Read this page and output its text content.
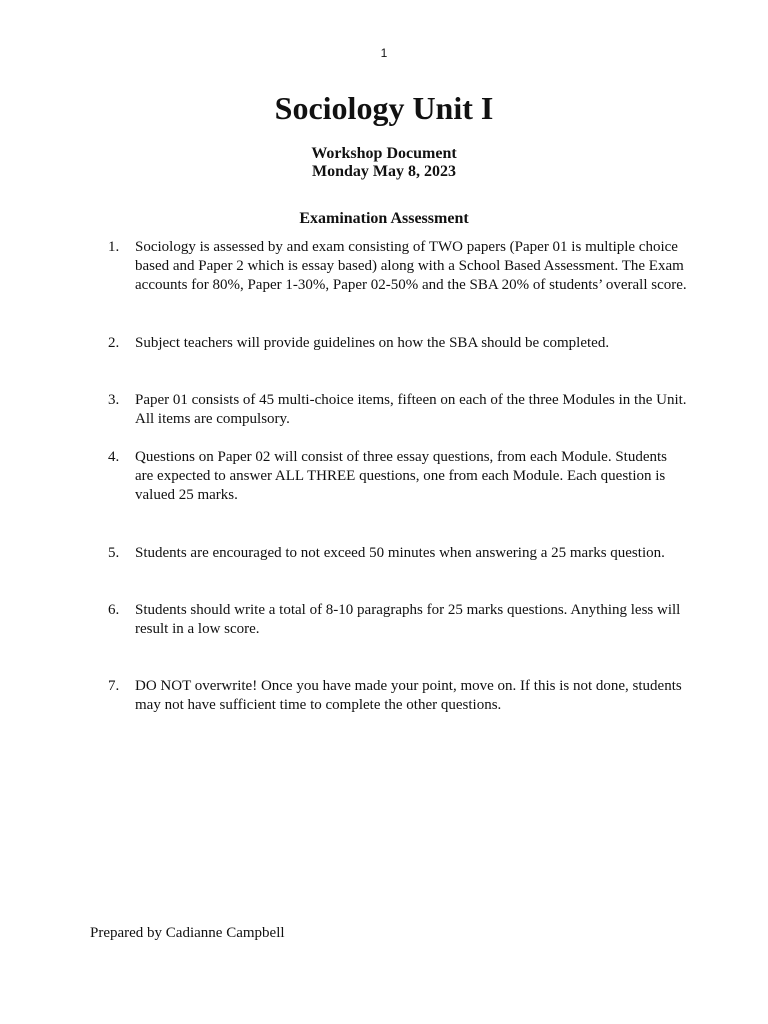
1
Sociology Unit I
Workshop Document
Monday May 8, 2023
Examination Assessment
1.	Sociology is assessed by and exam consisting of TWO papers (Paper 01 is multiple choice based and Paper 2 which is essay based) along with a School Based Assessment. The Exam accounts for 80%, Paper 1-30%, Paper 02-50% and the SBA 20% of students’ overall score.
2.	Subject teachers will provide guidelines on how the SBA should be completed.
3.	Paper 01 consists of 45 multi-choice items, fifteen on each of the three Modules in the Unit. All items are compulsory.
4.	Questions on Paper 02 will consist of three essay questions, from each Module. Students are expected to answer ALL THREE questions, one from each Module. Each question is valued 25 marks.
5.	Students are encouraged to not exceed 50 minutes when answering a 25 marks question.
6.	Students should write a total of 8-10 paragraphs for 25 marks questions. Anything less will result in a low score.
7.	DO NOT overwrite! Once you have made your point, move on. If this is not done, students may not have sufficient time to complete the other questions.
Prepared by Cadianne Campbell
